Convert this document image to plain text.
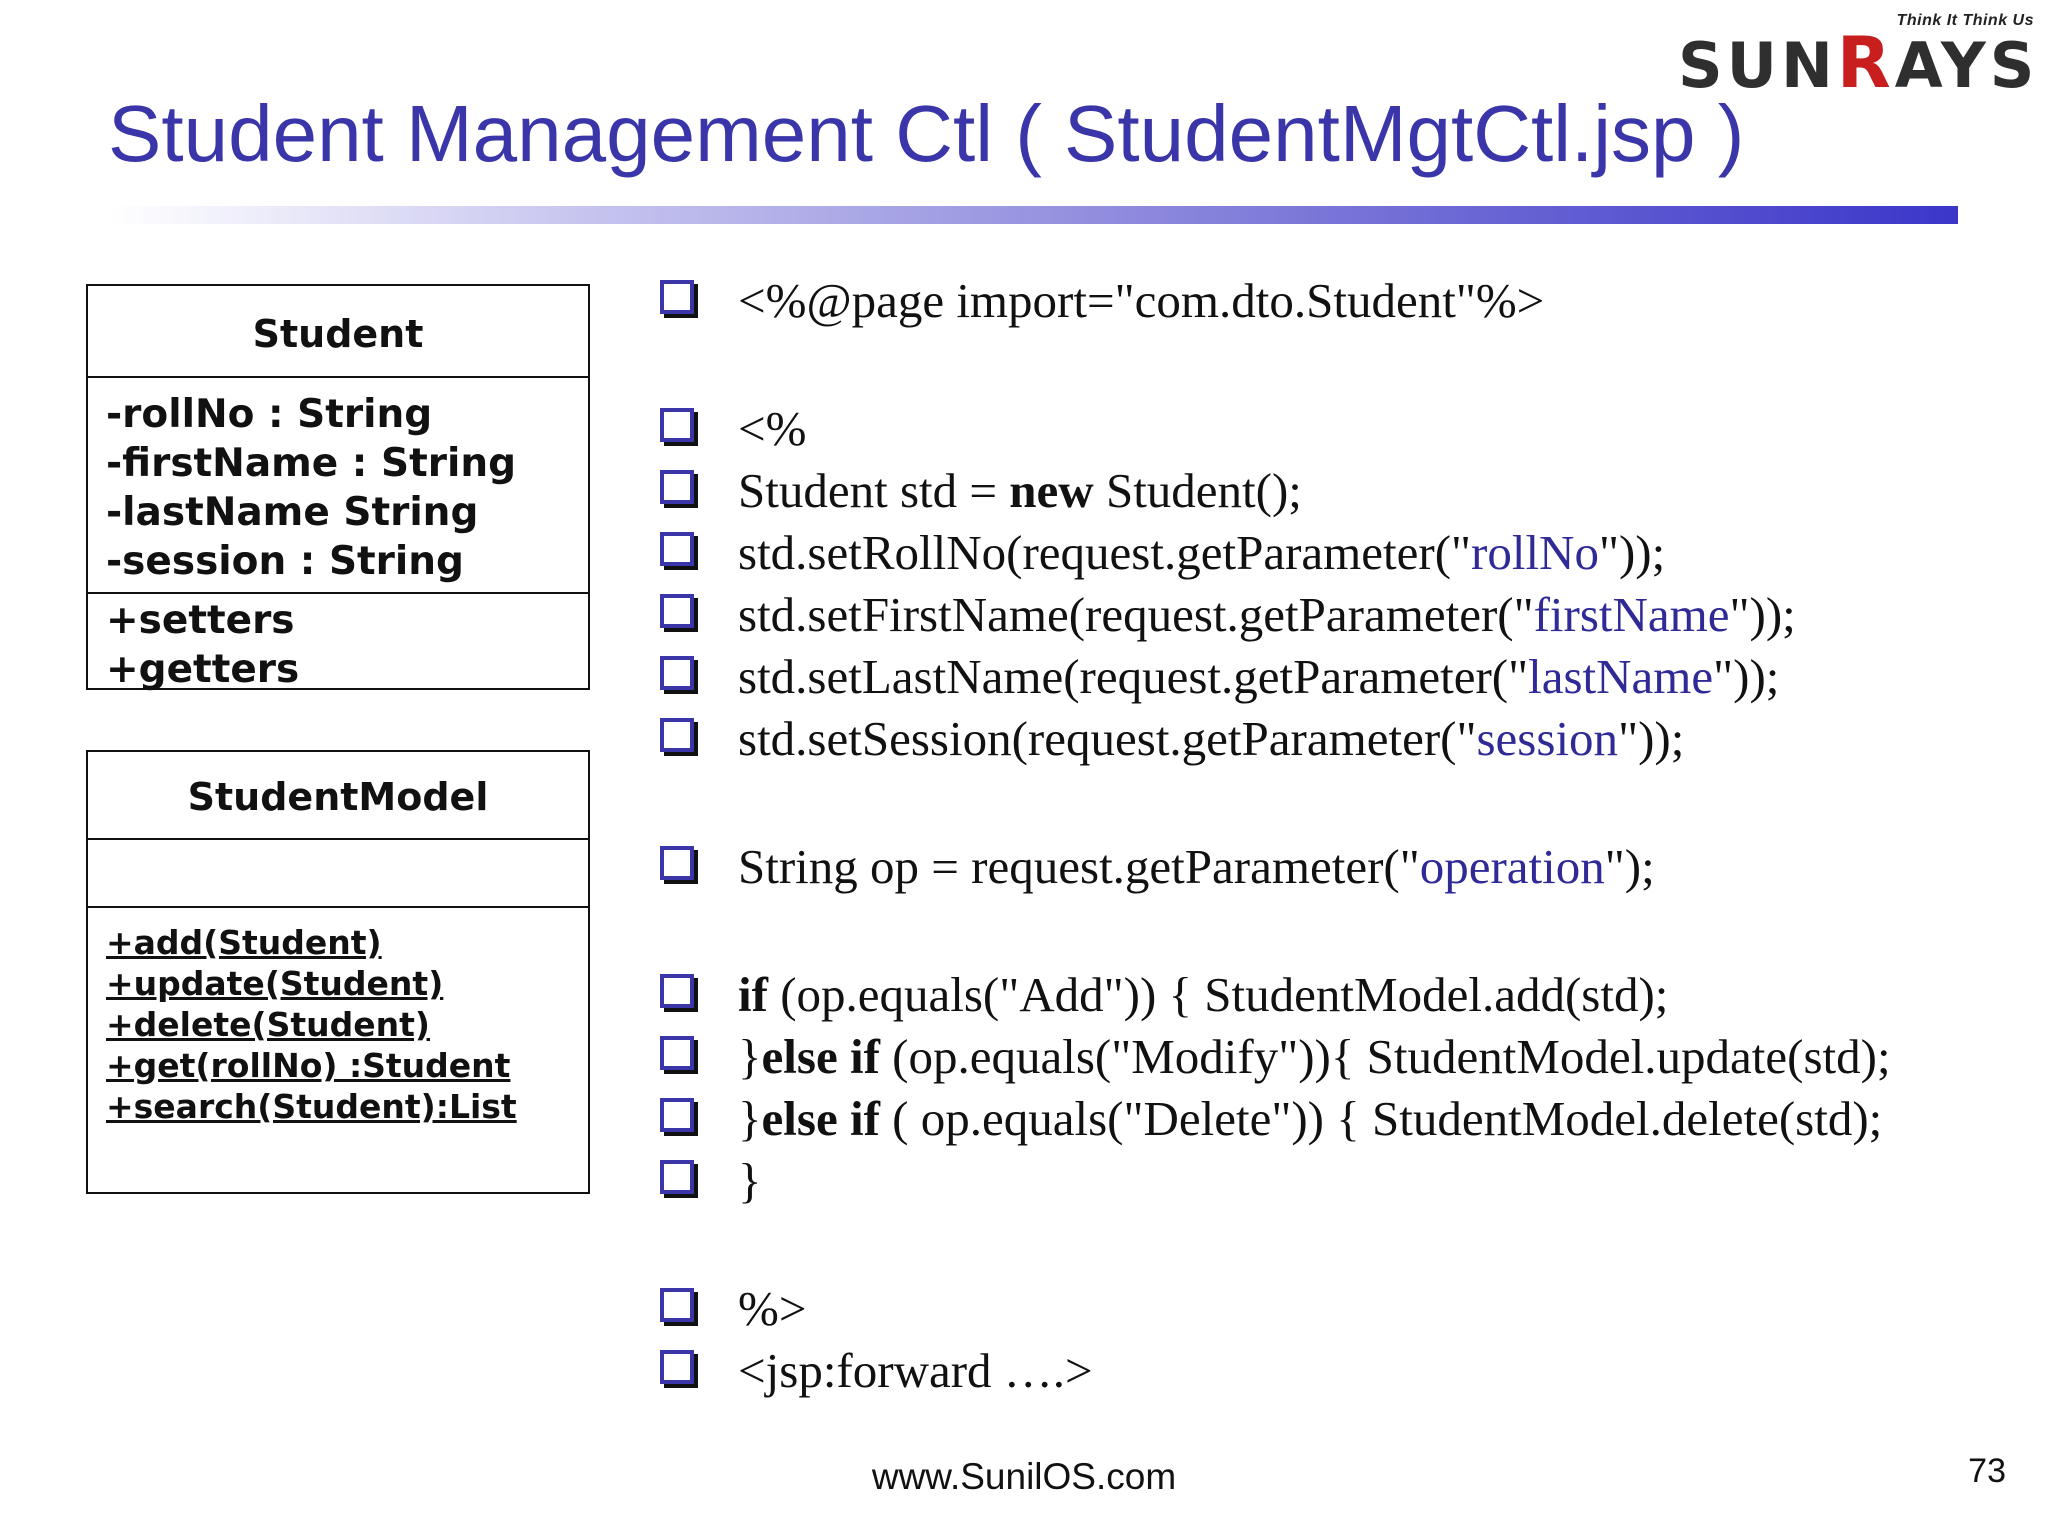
Think It Think Us
SUNRAYS
Student Management Ctl ( StudentMgtCtl.jsp )
Student
-rollNo : String
-firstName : String
-lastName String
-session : String
+setters
+getters
StudentModel
+add(Student)
+update(Student)
+delete(Student)
+get(rollNo) :Student
+search(Student):List
<%@page import="com.dto.Student"%>
<%
Student std = new Student();
std.setRollNo(request.getParameter("rollNo"));
std.setFirstName(request.getParameter("firstName"));
std.setLastName(request.getParameter("lastName"));
std.setSession(request.getParameter("session"));
String op = request.getParameter("operation");
if (op.equals("Add")) { StudentModel.add(std);
}else if (op.equals("Modify")){ StudentModel.update(std);
}else if ( op.equals("Delete")) { StudentModel.delete(std);
}
%>
<jsp:forward ….>
www.SunilOS.com	73
